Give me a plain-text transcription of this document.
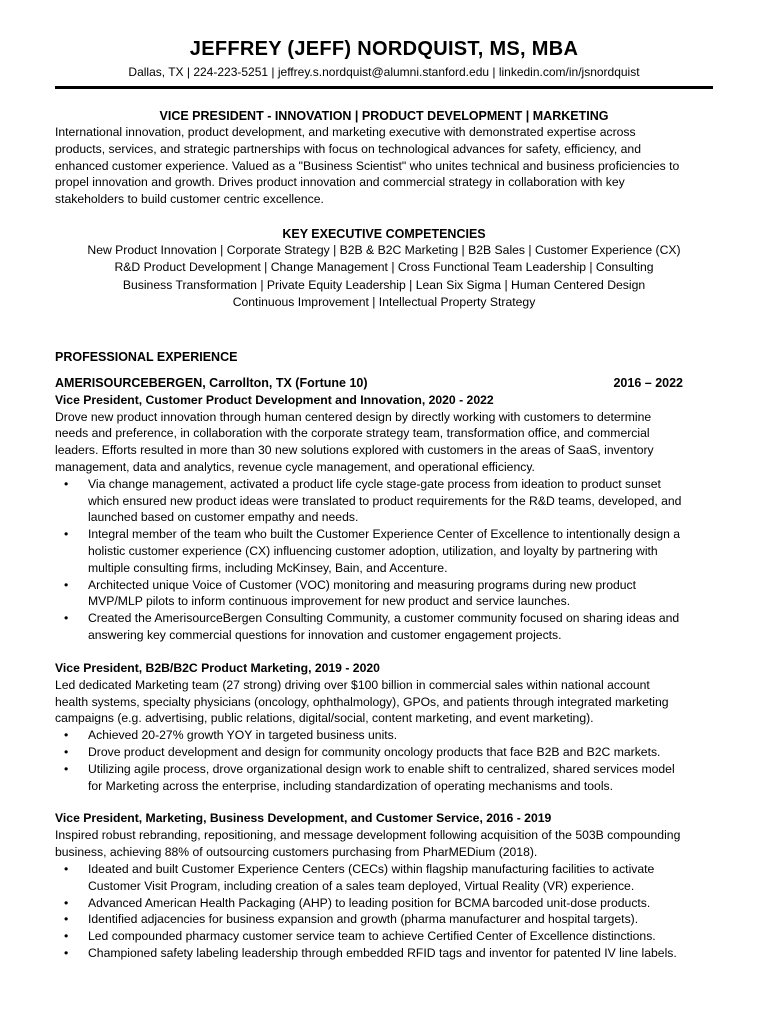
JEFFREY (JEFF) NORDQUIST, MS, MBA
Dallas, TX | 224-223-5251 | jeffrey.s.nordquist@alumni.stanford.edu | linkedin.com/in/jsnordquist
VICE PRESIDENT - INNOVATION | PRODUCT DEVELOPMENT | MARKETING
International innovation, product development, and marketing executive with demonstrated expertise across
products, services, and strategic partnerships with focus on technological advances for safety, efficiency, and
enhanced customer experience. Valued as a "Business Scientist" who unites technical and business proficiencies to
propel innovation and growth. Drives product innovation and commercial strategy in collaboration with key
stakeholders to build customer centric excellence.
KEY EXECUTIVE COMPETENCIES
New Product Innovation | Corporate Strategy | B2B & B2C Marketing | B2B Sales | Customer Experience (CX)
R&D Product Development | Change Management | Cross Functional Team Leadership | Consulting
Business Transformation | Private Equity Leadership | Lean Six Sigma | Human Centered Design
Continuous Improvement | Intellectual Property Strategy
PROFESSIONAL EXPERIENCE
AMERISOURCEBERGEN, Carrollton, TX (Fortune 10)	2016 – 2022
Vice President, Customer Product Development and Innovation, 2020 - 2022
Drove new product innovation through human centered design by directly working with customers to determine
needs and preference, in collaboration with the corporate strategy team, transformation office, and commercial
leaders. Efforts resulted in more than 30 new solutions explored with customers in the areas of SaaS, inventory
management, data and analytics, revenue cycle management, and operational efficiency.
• Via change management, activated a product life cycle stage-gate process from ideation to product sunset
which ensured new product ideas were translated to product requirements for the R&D teams, developed, and
launched based on customer empathy and needs.
• Integral member of the team who built the Customer Experience Center of Excellence to intentionally design a
holistic customer experience (CX) influencing customer adoption, utilization, and loyalty by partnering with
multiple consulting firms, including McKinsey, Bain, and Accenture.
• Architected unique Voice of Customer (VOC) monitoring and measuring programs during new product
MVP/MLP pilots to inform continuous improvement for new product and service launches.
• Created the AmerisourceBergen Consulting Community, a customer community focused on sharing ideas and
answering key commercial questions for innovation and customer engagement projects.
Vice President, B2B/B2C Product Marketing, 2019 - 2020
Led dedicated Marketing team (27 strong) driving over $100 billion in commercial sales within national account
health systems, specialty physicians (oncology, ophthalmology), GPOs, and patients through integrated marketing
campaigns (e.g. advertising, public relations, digital/social, content marketing, and event marketing).
• Achieved 20-27% growth YOY in targeted business units.
• Drove product development and design for community oncology products that face B2B and B2C markets.
• Utilizing agile process, drove organizational design work to enable shift to centralized, shared services model
for Marketing across the enterprise, including standardization of operating mechanisms and tools.
Vice President, Marketing, Business Development, and Customer Service, 2016 - 2019
Inspired robust rebranding, repositioning, and message development following acquisition of the 503B compounding
business, achieving 88% of outsourcing customers purchasing from PharMEDium (2018).
• Ideated and built Customer Experience Centers (CECs) within flagship manufacturing facilities to activate
Customer Visit Program, including creation of a sales team deployed, Virtual Reality (VR) experience.
• Advanced American Health Packaging (AHP) to leading position for BCMA barcoded unit-dose products.
• Identified adjacencies for business expansion and growth (pharma manufacturer and hospital targets).
• Led compounded pharmacy customer service team to achieve Certified Center of Excellence distinctions.
• Championed safety labeling leadership through embedded RFID tags and inventor for patented IV line labels.
